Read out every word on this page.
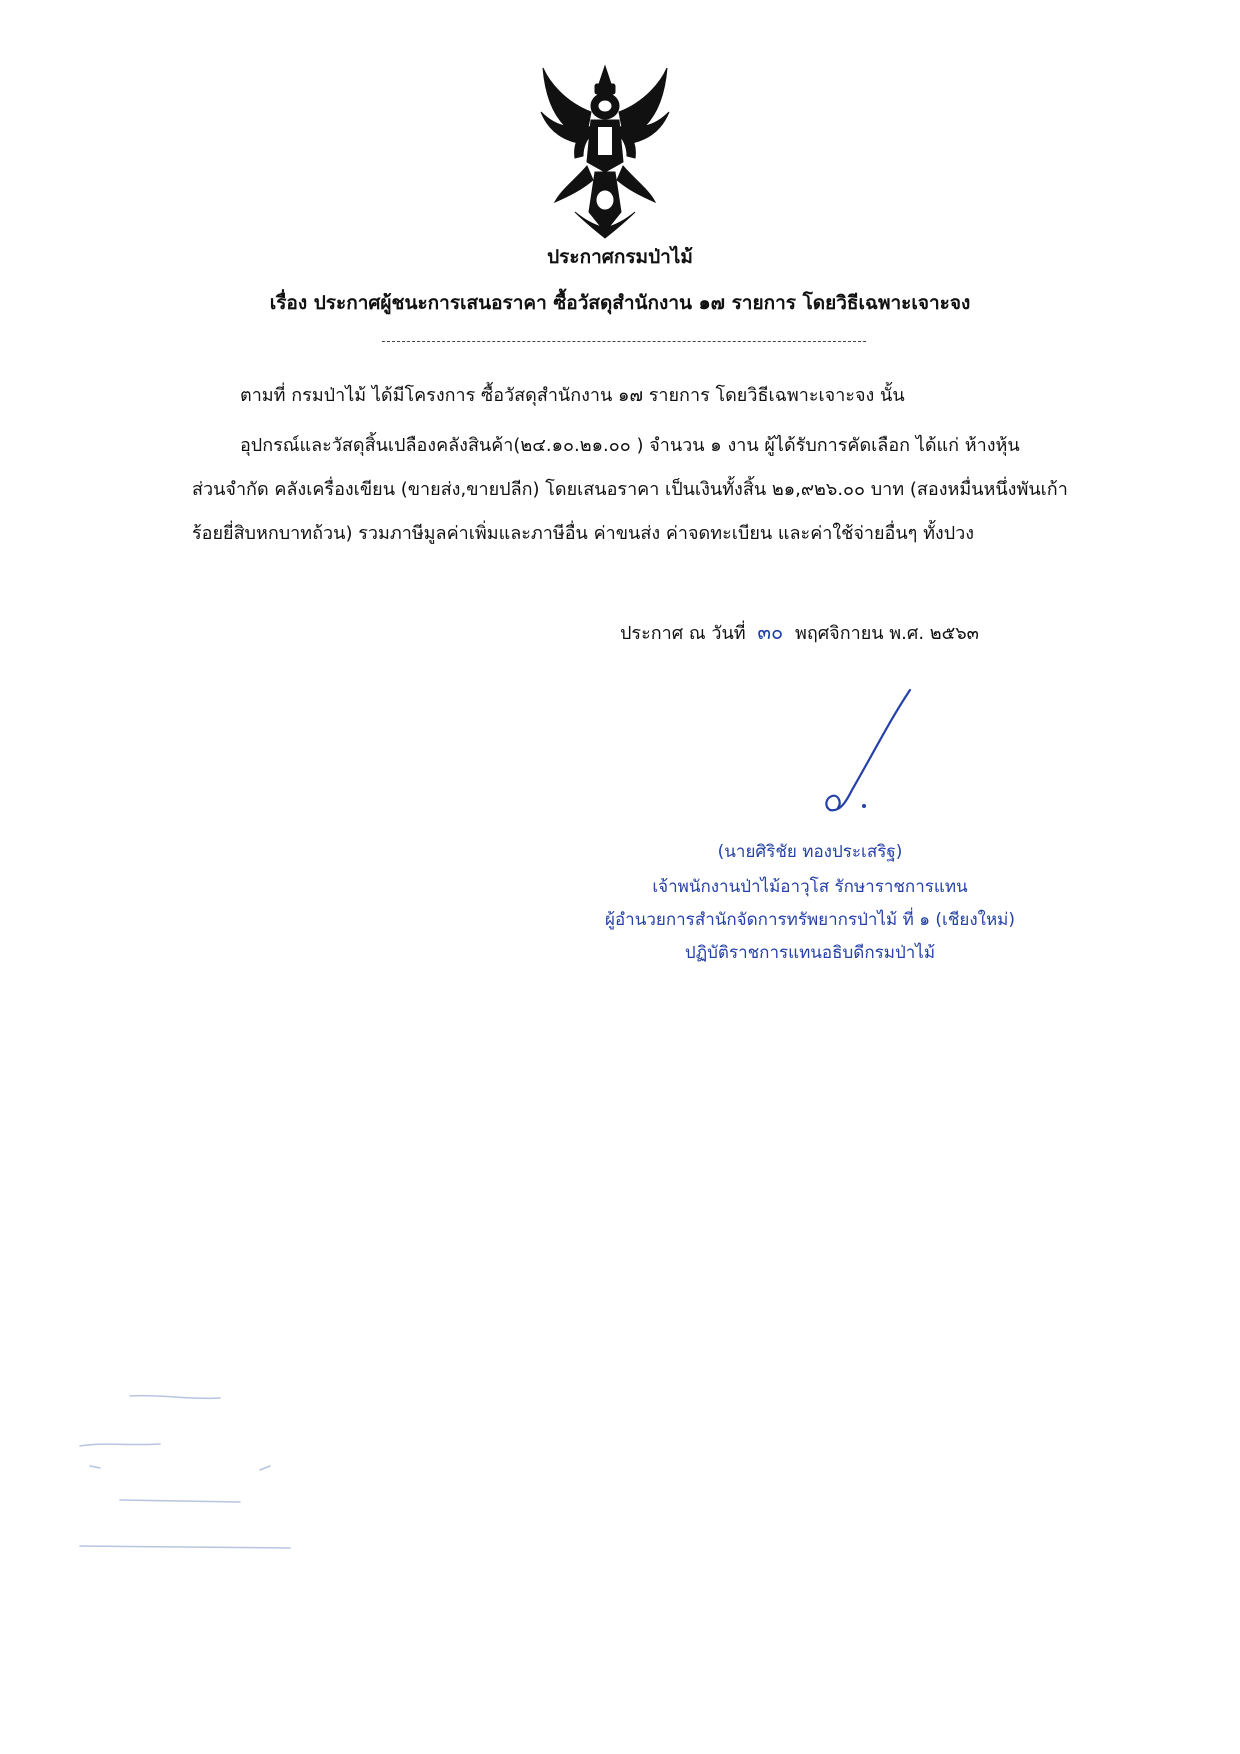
ประกาศกรมป่าไม้
เรื่อง ประกาศผู้ชนะการเสนอราคา ซื้อวัสดุสำนักงาน ๑๗ รายการ โดยวิธีเฉพาะเจาะจง
ตามที่ กรมป่าไม้ ได้มีโครงการ ซื้อวัสดุสำนักงาน ๑๗ รายการ โดยวิธีเฉพาะเจาะจง นั้น
อุปกรณ์และวัสดุสิ้นเปลืองคลังสินค้า(๒๔.๑๐.๒๑.๐๐ ) จำนวน ๑ งาน ผู้ได้รับการคัดเลือก ได้แก่ ห้างหุ้น
ส่วนจำกัด คลังเครื่องเขียน (ขายส่ง,ขายปลีก) โดยเสนอราคา เป็นเงินทั้งสิ้น ๒๑,๙๒๖.๐๐ บาท (สองหมื่นหนึ่งพันเก้า
ร้อยยี่สิบหกบาทถ้วน) รวมภาษีมูลค่าเพิ่มและภาษีอื่น ค่าขนส่ง ค่าจดทะเบียน และค่าใช้จ่ายอื่นๆ ทั้งปวง
ประกาศ ณ วันที่ ๓๐ พฤศจิกายน พ.ศ. ๒๕๖๓
(นายศิริชัย ทองประเสริฐ)
เจ้าพนักงานป่าไม้อาวุโส รักษาราชการแทน
ผู้อำนวยการสำนักจัดการทรัพยากรป่าไม้ ที่ ๑ (เชียงใหม่)
ปฏิบัติราชการแทนอธิบดีกรมป่าไม้
